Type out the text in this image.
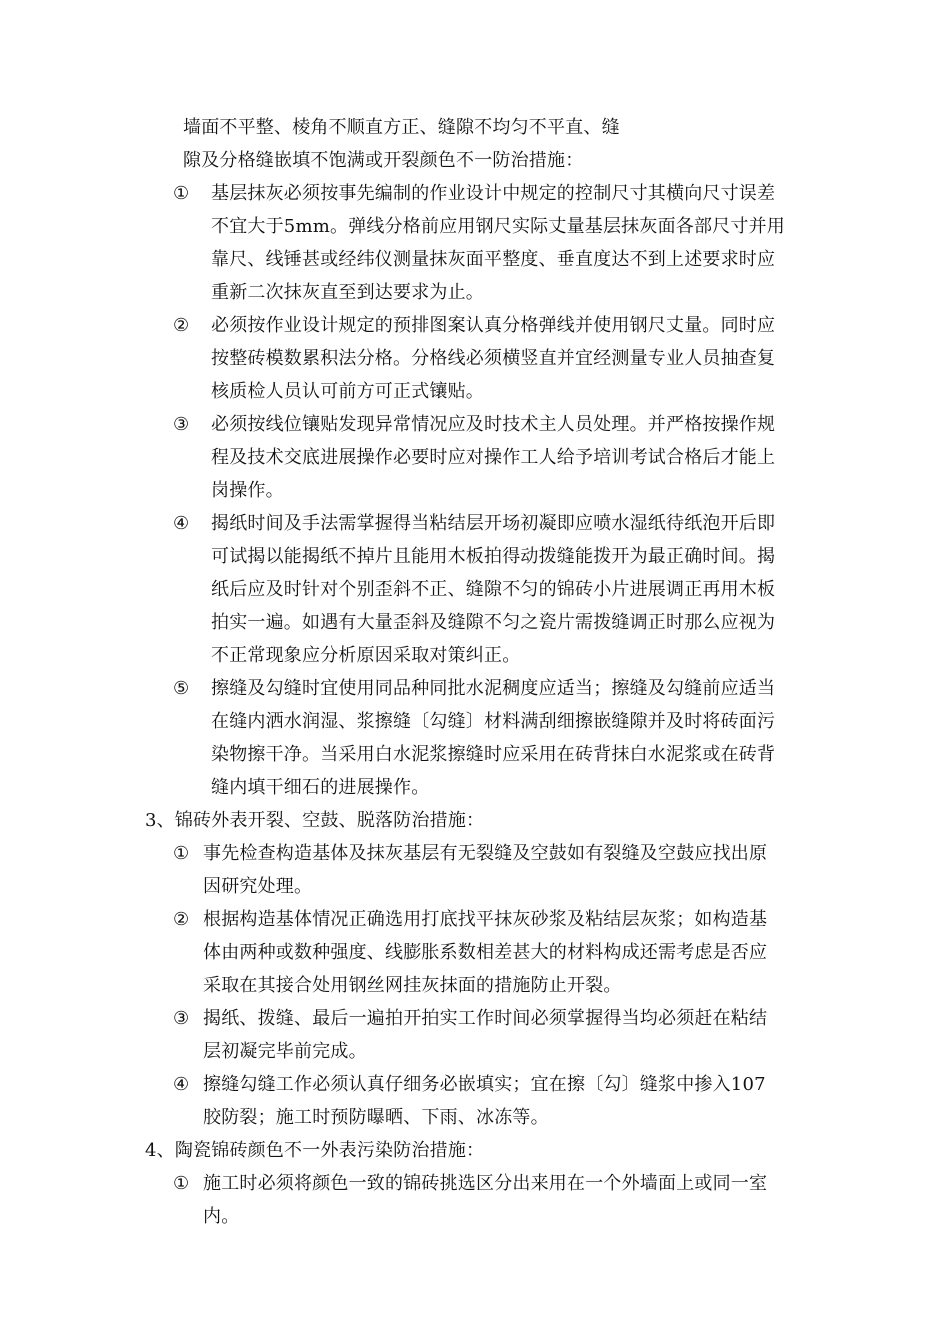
墙面不平整、棱角不顺直方正、缝隙不均匀不平直、缝
隙及分格缝嵌填不饱满或开裂颜色不一防治措施：
① 基层抹灰必须按事先编制的作业设计中规定的控制尺寸其横向尺寸误差
不宜大于5mm。弹线分格前应用钢尺实际丈量基层抹灰面各部尺寸并用
靠尺、线锤甚或经纬仪测量抹灰面平整度、垂直度达不到上述要求时应
重新二次抹灰直至到达要求为止。
② 必须按作业设计规定的预排图案认真分格弹线并使用钢尺丈量。同时应
按整砖模数累积法分格。分格线必须横竖直并宜经测量专业人员抽查复
核质检人员认可前方可正式镶贴。
③ 必须按线位镶贴发现异常情况应及时技术主人员处理。并严格按操作规
程及技术交底进展操作必要时应对操作工人给予培训考试合格后才能上
岗操作。
④ 揭纸时间及手法需掌握得当粘结层开场初凝即应喷水湿纸待纸泡开后即
可试揭以能揭纸不掉片且能用木板拍得动拨缝能拨开为最正确时间。揭
纸后应及时针对个别歪斜不正、缝隙不匀的锦砖小片进展调正再用木板
拍实一遍。如遇有大量歪斜及缝隙不匀之瓷片需拨缝调正时那么应视为
不正常现象应分析原因采取对策纠正。
⑤ 擦缝及勾缝时宜使用同品种同批水泥稠度应适当；擦缝及勾缝前应适当
在缝内洒水润湿、浆擦缝〔勾缝〕材料满刮细擦嵌缝隙并及时将砖面污
染物擦干净。当采用白水泥浆擦缝时应采用在砖背抹白水泥浆或在砖背
缝内填干细石的进展操作。
3、锦砖外表开裂、空鼓、脱落防治措施：
① 事先检查构造基体及抹灰基层有无裂缝及空鼓如有裂缝及空鼓应找出原
因研究处理。
② 根据构造基体情况正确选用打底找平抹灰砂浆及粘结层灰浆；如构造基
体由两种或数种强度、线膨胀系数相差甚大的材料构成还需考虑是否应
采取在其接合处用钢丝网挂灰抹面的措施防止开裂。
③ 揭纸、拨缝、最后一遍拍开拍实工作时间必须掌握得当均必须赶在粘结
层初凝完毕前完成。
④ 擦缝勾缝工作必须认真仔细务必嵌填实；宜在擦〔勾〕缝浆中掺入107
胶防裂；施工时预防曝晒、下雨、冰冻等。
4、陶瓷锦砖颜色不一外表污染防治措施：
① 施工时必须将颜色一致的锦砖挑选区分出来用在一个外墙面上或同一室
内。
